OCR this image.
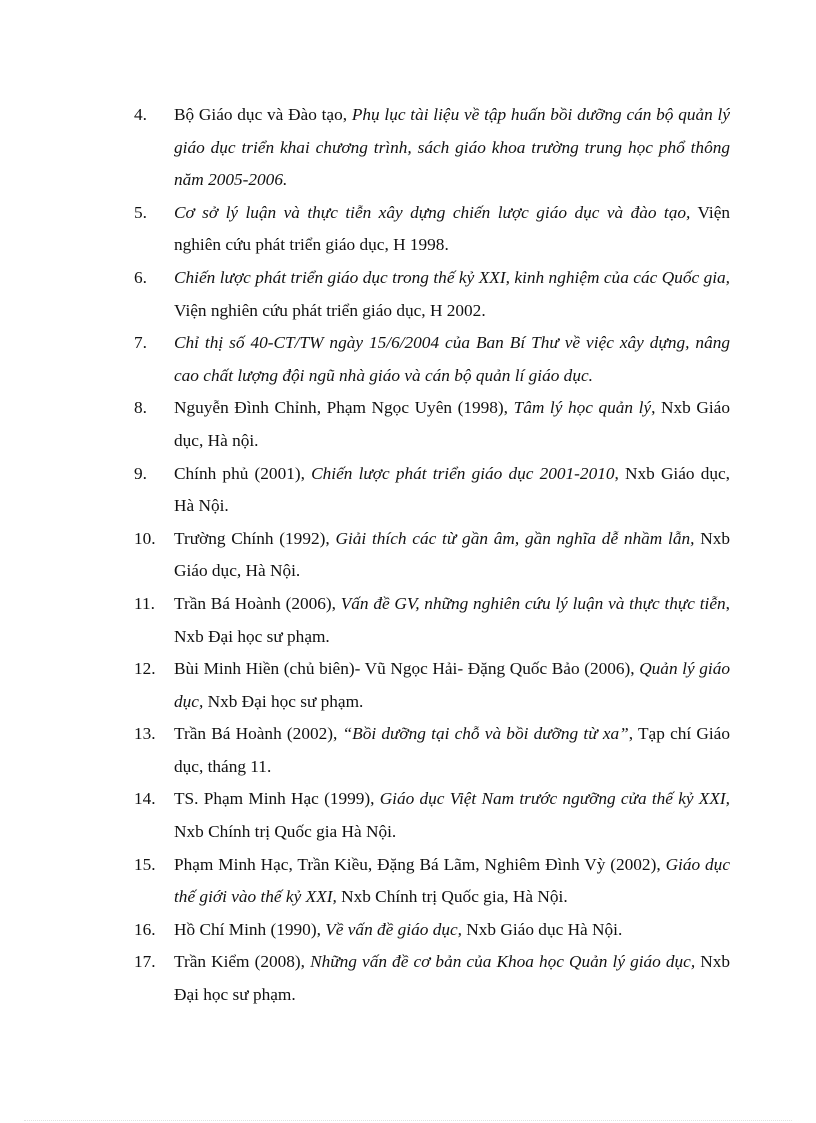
4.	Bộ Giáo dục và Đào tạo, Phụ lục tài liệu về tập huấn bồi dưỡng cán bộ quản lý giáo dục triển khai chương trình, sách giáo khoa trường trung học phổ thông năm 2005-2006.
5.	Cơ sở lý luận và thực tiễn xây dựng chiến lược giáo dục và đào tạo, Viện nghiên cứu phát triển giáo dục, H 1998.
6.	Chiến lược phát triển giáo dục trong thế kỷ XXI, kinh nghiệm của các Quốc gia, Viện nghiên cứu phát triển giáo dục, H 2002.
7.	Chỉ thị số 40-CT/TW ngày 15/6/2004 của Ban Bí Thư về việc xây dựng, nâng cao chất lượng đội ngũ nhà giáo và cán bộ quản lí giáo dục.
8.	Nguyễn Đình Chỉnh, Phạm Ngọc Uyên (1998), Tâm lý học quản lý, Nxb Giáo dục, Hà nội.
9.	Chính phủ (2001), Chiến lược phát triển giáo dục 2001-2010, Nxb Giáo dục, Hà Nội.
10.	Trường Chính (1992), Giải thích các từ gần âm, gần nghĩa dễ nhầm lẫn, Nxb Giáo dục, Hà Nội.
11.	Trần Bá Hoành (2006), Vấn đề GV, những nghiên cứu lý luận và thực thực tiễn, Nxb Đại học sư phạm.
12.	Bùi Minh Hiền (chủ biên)- Vũ Ngọc Hải- Đặng Quốc Bảo (2006), Quản lý giáo dục, Nxb Đại học sư phạm.
13.	Trần Bá Hoành (2002), “Bồi dưỡng tại chỗ và bồi dưỡng từ xa”, Tạp chí Giáo dục, tháng 11.
14.	TS. Phạm Minh Hạc (1999), Giáo dục Việt Nam trước ngưỡng cửa thế kỷ XXI, Nxb Chính trị Quốc gia Hà Nội.
15.	Phạm Minh Hạc, Trần Kiều, Đặng Bá Lãm, Nghiêm Đình Vỳ (2002), Giáo dục thế giới vào thế kỷ XXI, Nxb Chính trị Quốc gia, Hà Nội.
16.	Hồ Chí Minh (1990), Về vấn đề giáo dục, Nxb Giáo dục Hà Nội.
17.	Trần Kiểm (2008), Những vấn đề cơ bản của Khoa học Quản lý giáo dục, Nxb Đại học sư phạm.
